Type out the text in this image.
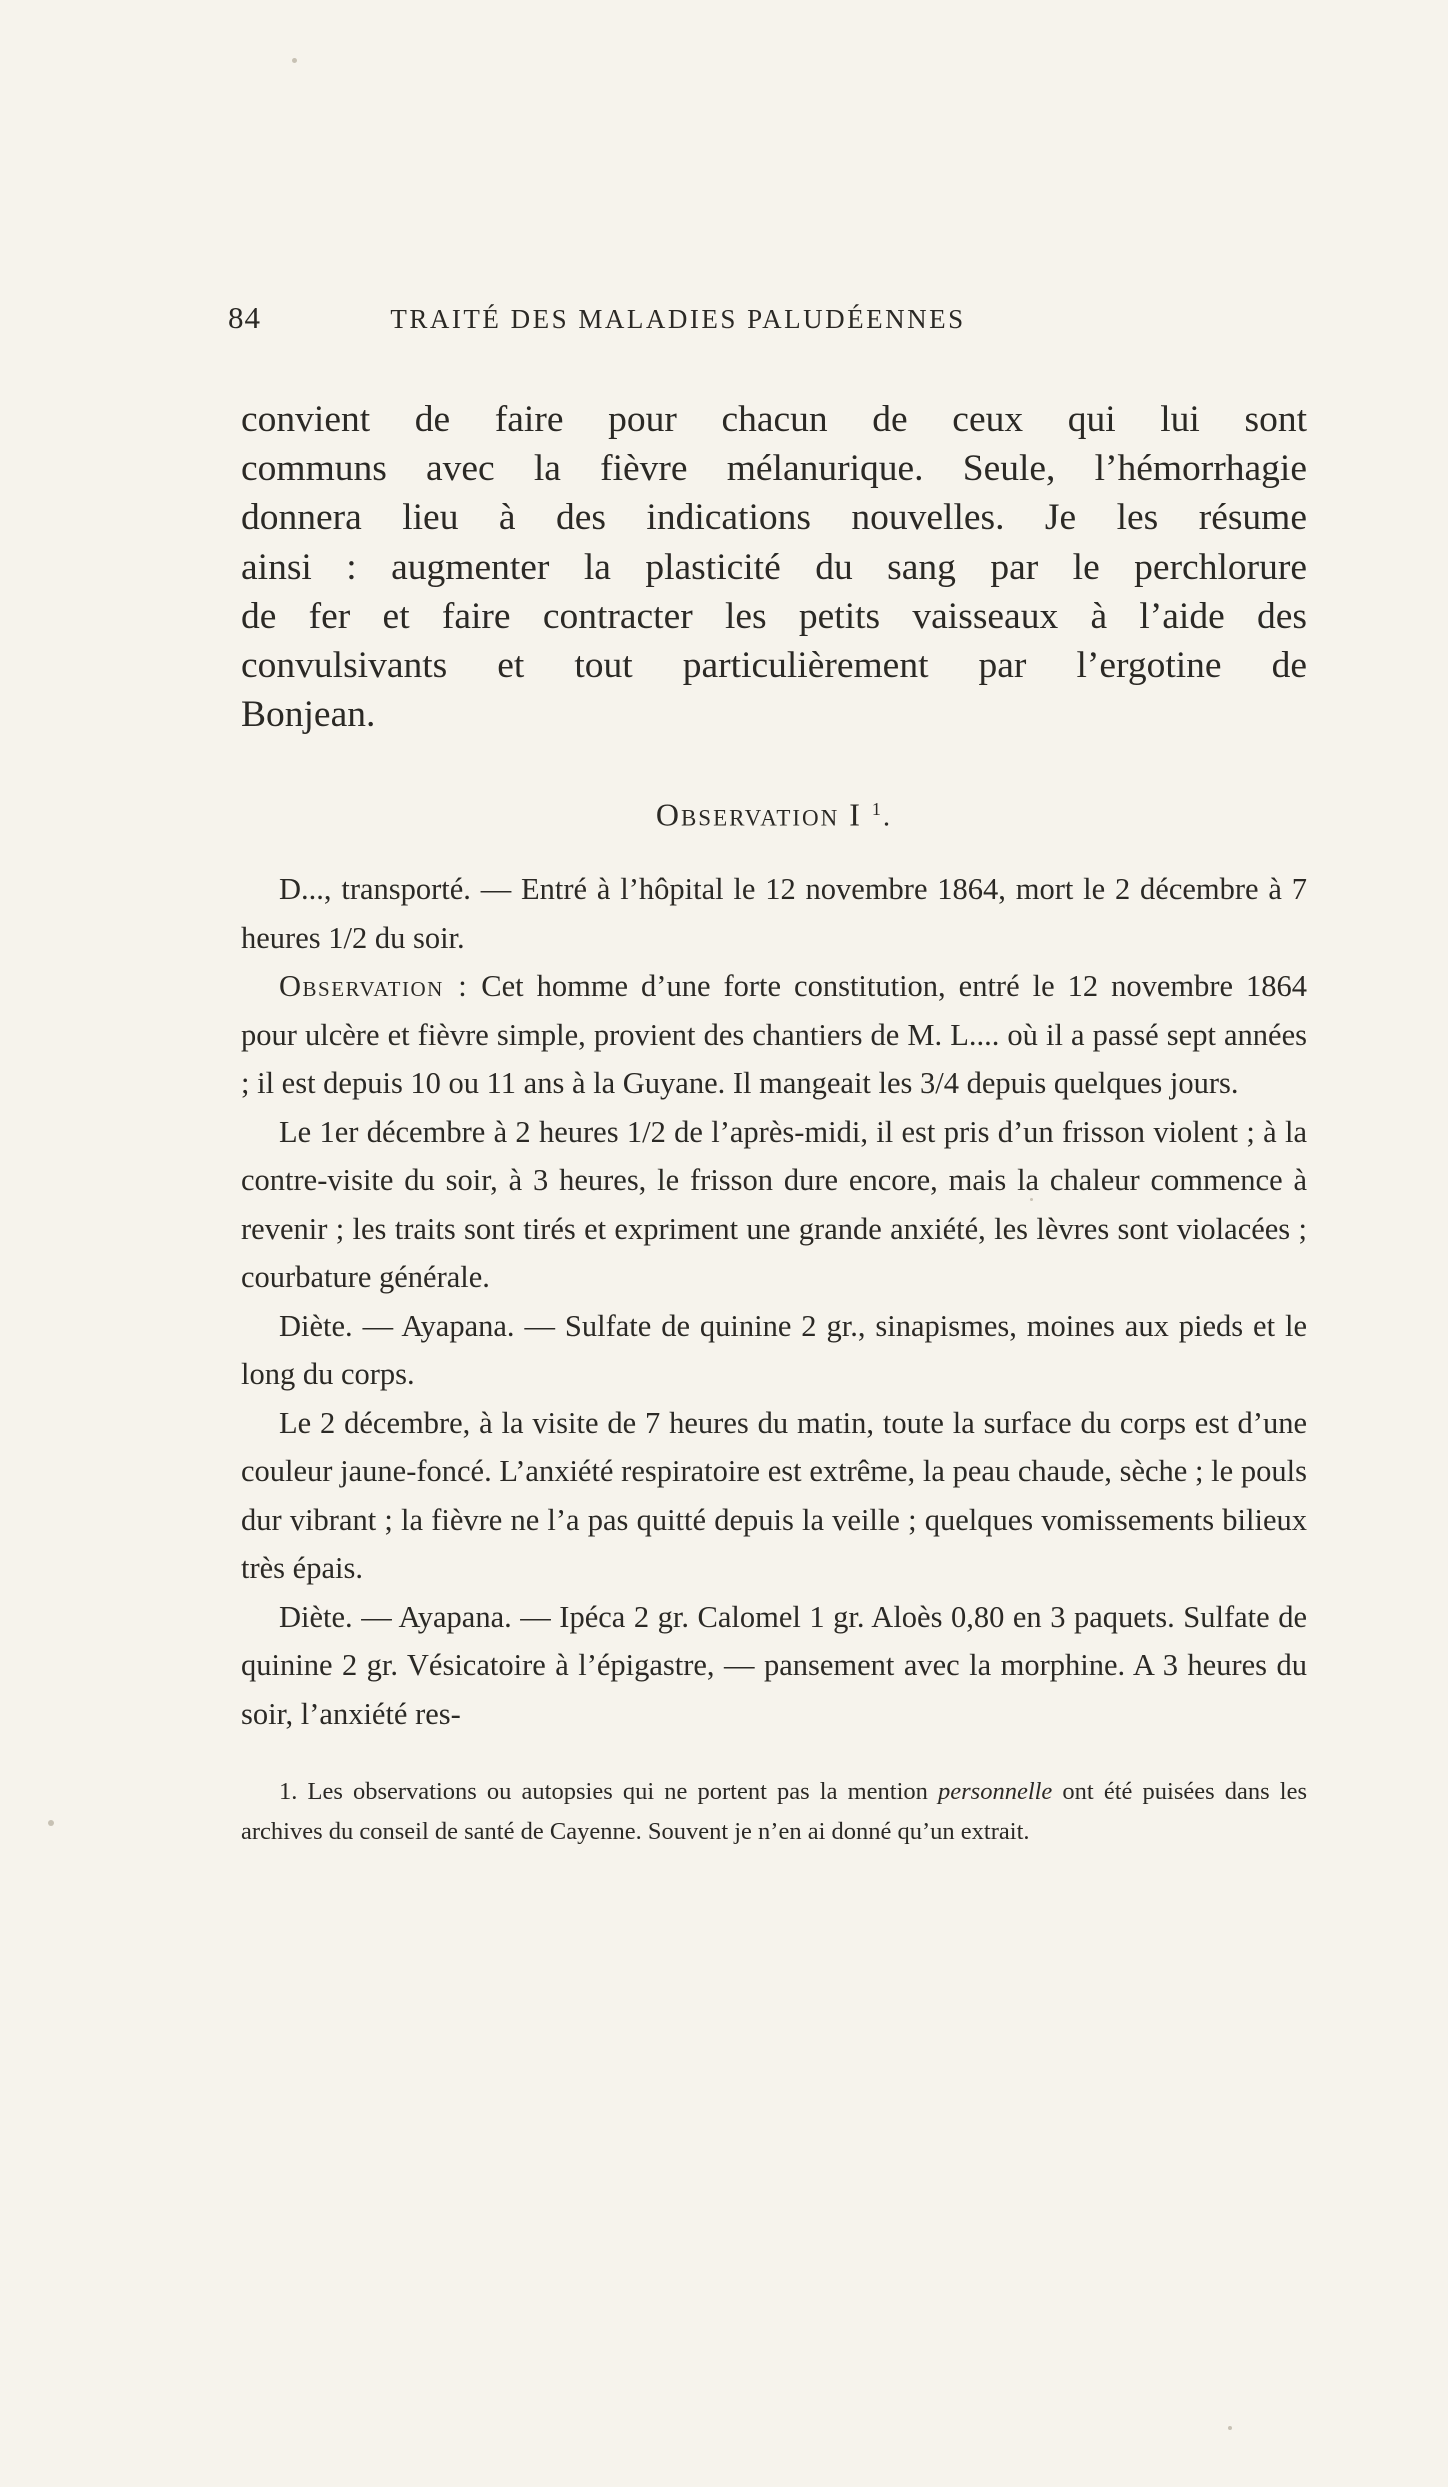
84	TRAITÉ DES MALADIES PALUDÉENNES

convient de faire pour chacun de ceux qui lui sont
communs avec la fièvre mélanurique. Seule, l’hémorrhagie
donnera lieu à des indications nouvelles. Je les résume
ainsi : augmenter la plasticité du sang par le perchlorure
de fer et faire contracter les petits vaisseaux à l’aide des
convulsivants et tout particulièrement par l’ergotine de
Bonjean.

OBSERVATION I $^1$.

D..., transporté. — Entré à l’hôpital le 12 novembre 1864, mort le 2 décembre à 7 heures 1/2 du soir.

Observation : Cet homme d’une forte constitution, entré le 12 novembre 1864 pour ulcère et fièvre simple, provient des chantiers de M. L.... où il a passé sept années ; il est depuis 10 ou 11 ans à la Guyane. Il mangeait les 3/4 depuis quelques jours.

Le 1er décembre à 2 heures 1/2 de l’après-midi, il est pris d’un frisson violent ; à la contre-visite du soir, à 3 heures, le frisson dure encore, mais la chaleur commence à revenir ; les traits sont tirés et expriment une grande anxiété, les lèvres sont violacées ; courbature générale.

Diète. — Ayapana. — Sulfate de quinine 2 gr., sinapismes, moines aux pieds et le long du corps.

Le 2 décembre, à la visite de 7 heures du matin, toute la surface du corps est d’une couleur jaune-foncé. L’anxiété respiratoire est extrême, la peau chaude, sèche ; le pouls dur vibrant ; la fièvre ne l’a pas quitté depuis la veille ; quelques vomissements bilieux très épais.

Diète. — Ayapana. — Ipéca 2 gr. Calomel 1 gr. Aloès 0,80 en 3 paquets. Sulfate de quinine 2 gr. Vésicatoire à l’épigastre, — pansement avec la morphine. A 3 heures du soir, l’anxiété res-

1. Les observations ou autopsies qui ne portent pas la mention personnelle ont été puisées dans les archives du conseil de santé de Cayenne. Souvent je n’en ai donné qu’un extrait.
